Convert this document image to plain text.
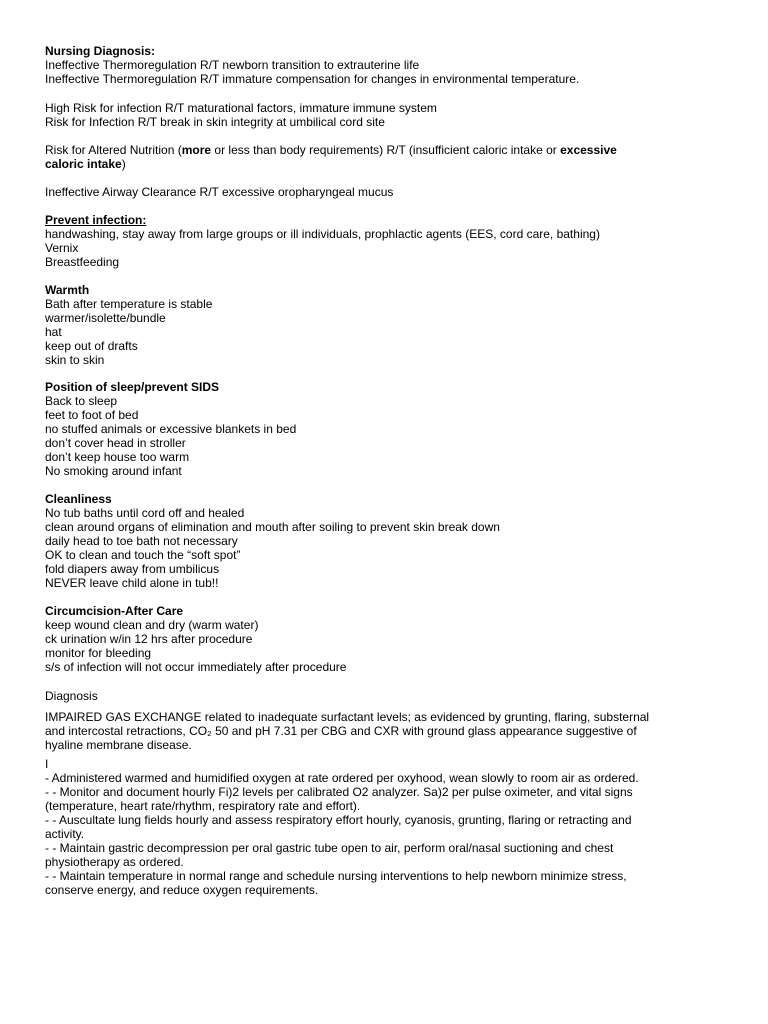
Nursing Diagnosis:
Ineffective Thermoregulation R/T newborn transition to extrauterine life
Ineffective Thermoregulation R/T immature compensation for changes in environmental temperature.
High Risk for infection R/T maturational factors, immature immune system
Risk for Infection R/T break in skin integrity at umbilical cord site
Risk for Altered Nutrition (more or less than body requirements) R/T (insufficient caloric intake or excessive
caloric intake)
Ineffective Airway Clearance R/T excessive oropharyngeal mucus
Prevent infection:
handwashing, stay away from large groups or ill individuals, prophlactic agents (EES, cord care, bathing)
Vernix
Breastfeeding
Warmth
Bath after temperature is stable
warmer/isolette/bundle
hat
keep out of drafts
skin to skin
Position of sleep/prevent SIDS
Back to sleep
feet to foot of bed
no stuffed animals or excessive blankets in bed
don’t cover head in stroller
don’t keep house too warm
No smoking around infant
Cleanliness
No tub baths until cord off and healed
clean around organs of elimination and mouth after soiling to prevent skin break down
daily head to toe bath not necessary
OK to clean and touch the “soft spot”
fold diapers away from umbilicus
NEVER leave child alone in tub!!
Circumcision-After Care
keep wound clean and dry (warm water)
ck urination w/in 12 hrs after procedure
monitor for bleeding
s/s of infection will not occur immediately after procedure
Diagnosis
IMPAIRED GAS EXCHANGE related to inadequate surfactant levels; as evidenced by grunting, flaring, substernal
and intercostal retractions, CO₂ 50 and pH 7.31 per CBG and CXR with ground glass appearance suggestive of
hyaline membrane disease.
I
- Administered warmed and humidified oxygen at rate ordered per oxyhood, wean slowly to room air as ordered.
- - Monitor and document hourly Fi)2 levels per calibrated O2 analyzer. Sa)2 per pulse oximeter, and vital signs
(temperature, heart rate/rhythm, respiratory rate and effort).
- - Auscultate lung fields hourly and assess respiratory effort hourly, cyanosis, grunting, flaring or retracting and
activity.
- - Maintain gastric decompression per oral gastric tube open to air, perform oral/nasal suctioning and chest
physiotherapy as ordered.
- - Maintain temperature in normal range and schedule nursing interventions to help newborn minimize stress,
conserve energy, and reduce oxygen requirements.
